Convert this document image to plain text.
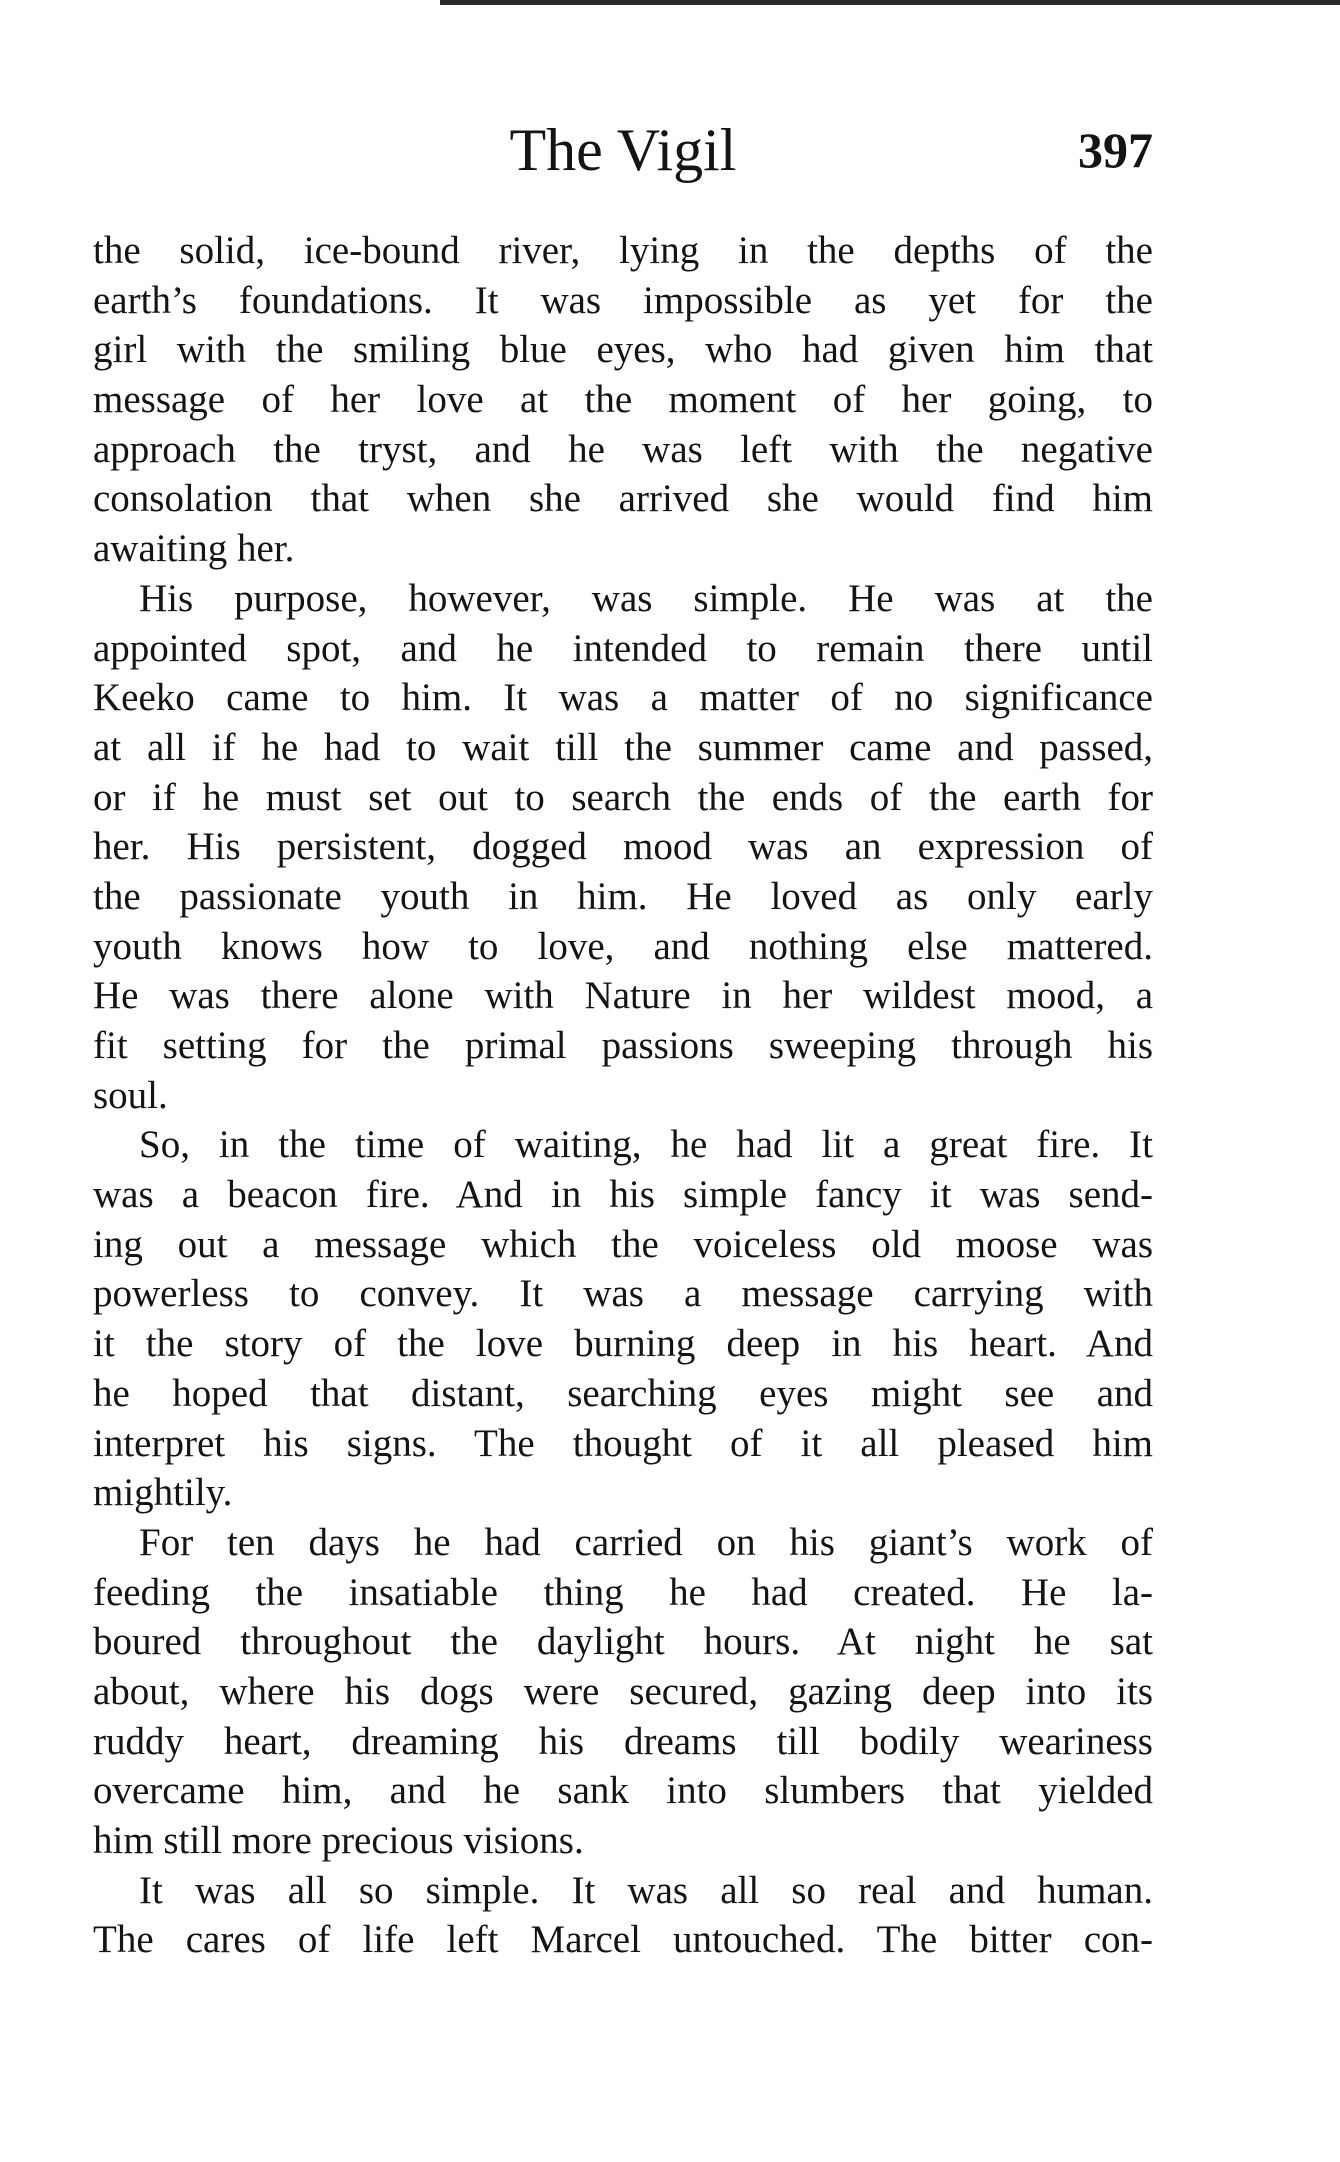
The Vigil	397
the solid, ice-bound river, lying in the depths of the
earth’s foundations. It was impossible as yet for the
girl with the smiling blue eyes, who had given him that
message of her love at the moment of her going, to
approach the tryst, and he was left with the negative
consolation that when she arrived she would find him
awaiting her.
His purpose, however, was simple. He was at the
appointed spot, and he intended to remain there until
Keeko came to him. It was a matter of no significance
at all if he had to wait till the summer came and passed,
or if he must set out to search the ends of the earth for
her. His persistent, dogged mood was an expression of
the passionate youth in him. He loved as only early
youth knows how to love, and nothing else mattered.
He was there alone with Nature in her wildest mood, a
fit setting for the primal passions sweeping through his
soul.
So, in the time of waiting, he had lit a great fire. It
was a beacon fire. And in his simple fancy it was send-
ing out a message which the voiceless old moose was
powerless to convey. It was a message carrying with
it the story of the love burning deep in his heart. And
he hoped that distant, searching eyes might see and
interpret his signs. The thought of it all pleased him
mightily.
For ten days he had carried on his giant’s work of
feeding the insatiable thing he had created. He la-
boured throughout the daylight hours. At night he sat
about, where his dogs were secured, gazing deep into its
ruddy heart, dreaming his dreams till bodily weariness
overcame him, and he sank into slumbers that yielded
him still more precious visions.
It was all so simple. It was all so real and human.
The cares of life left Marcel untouched. The bitter con-
